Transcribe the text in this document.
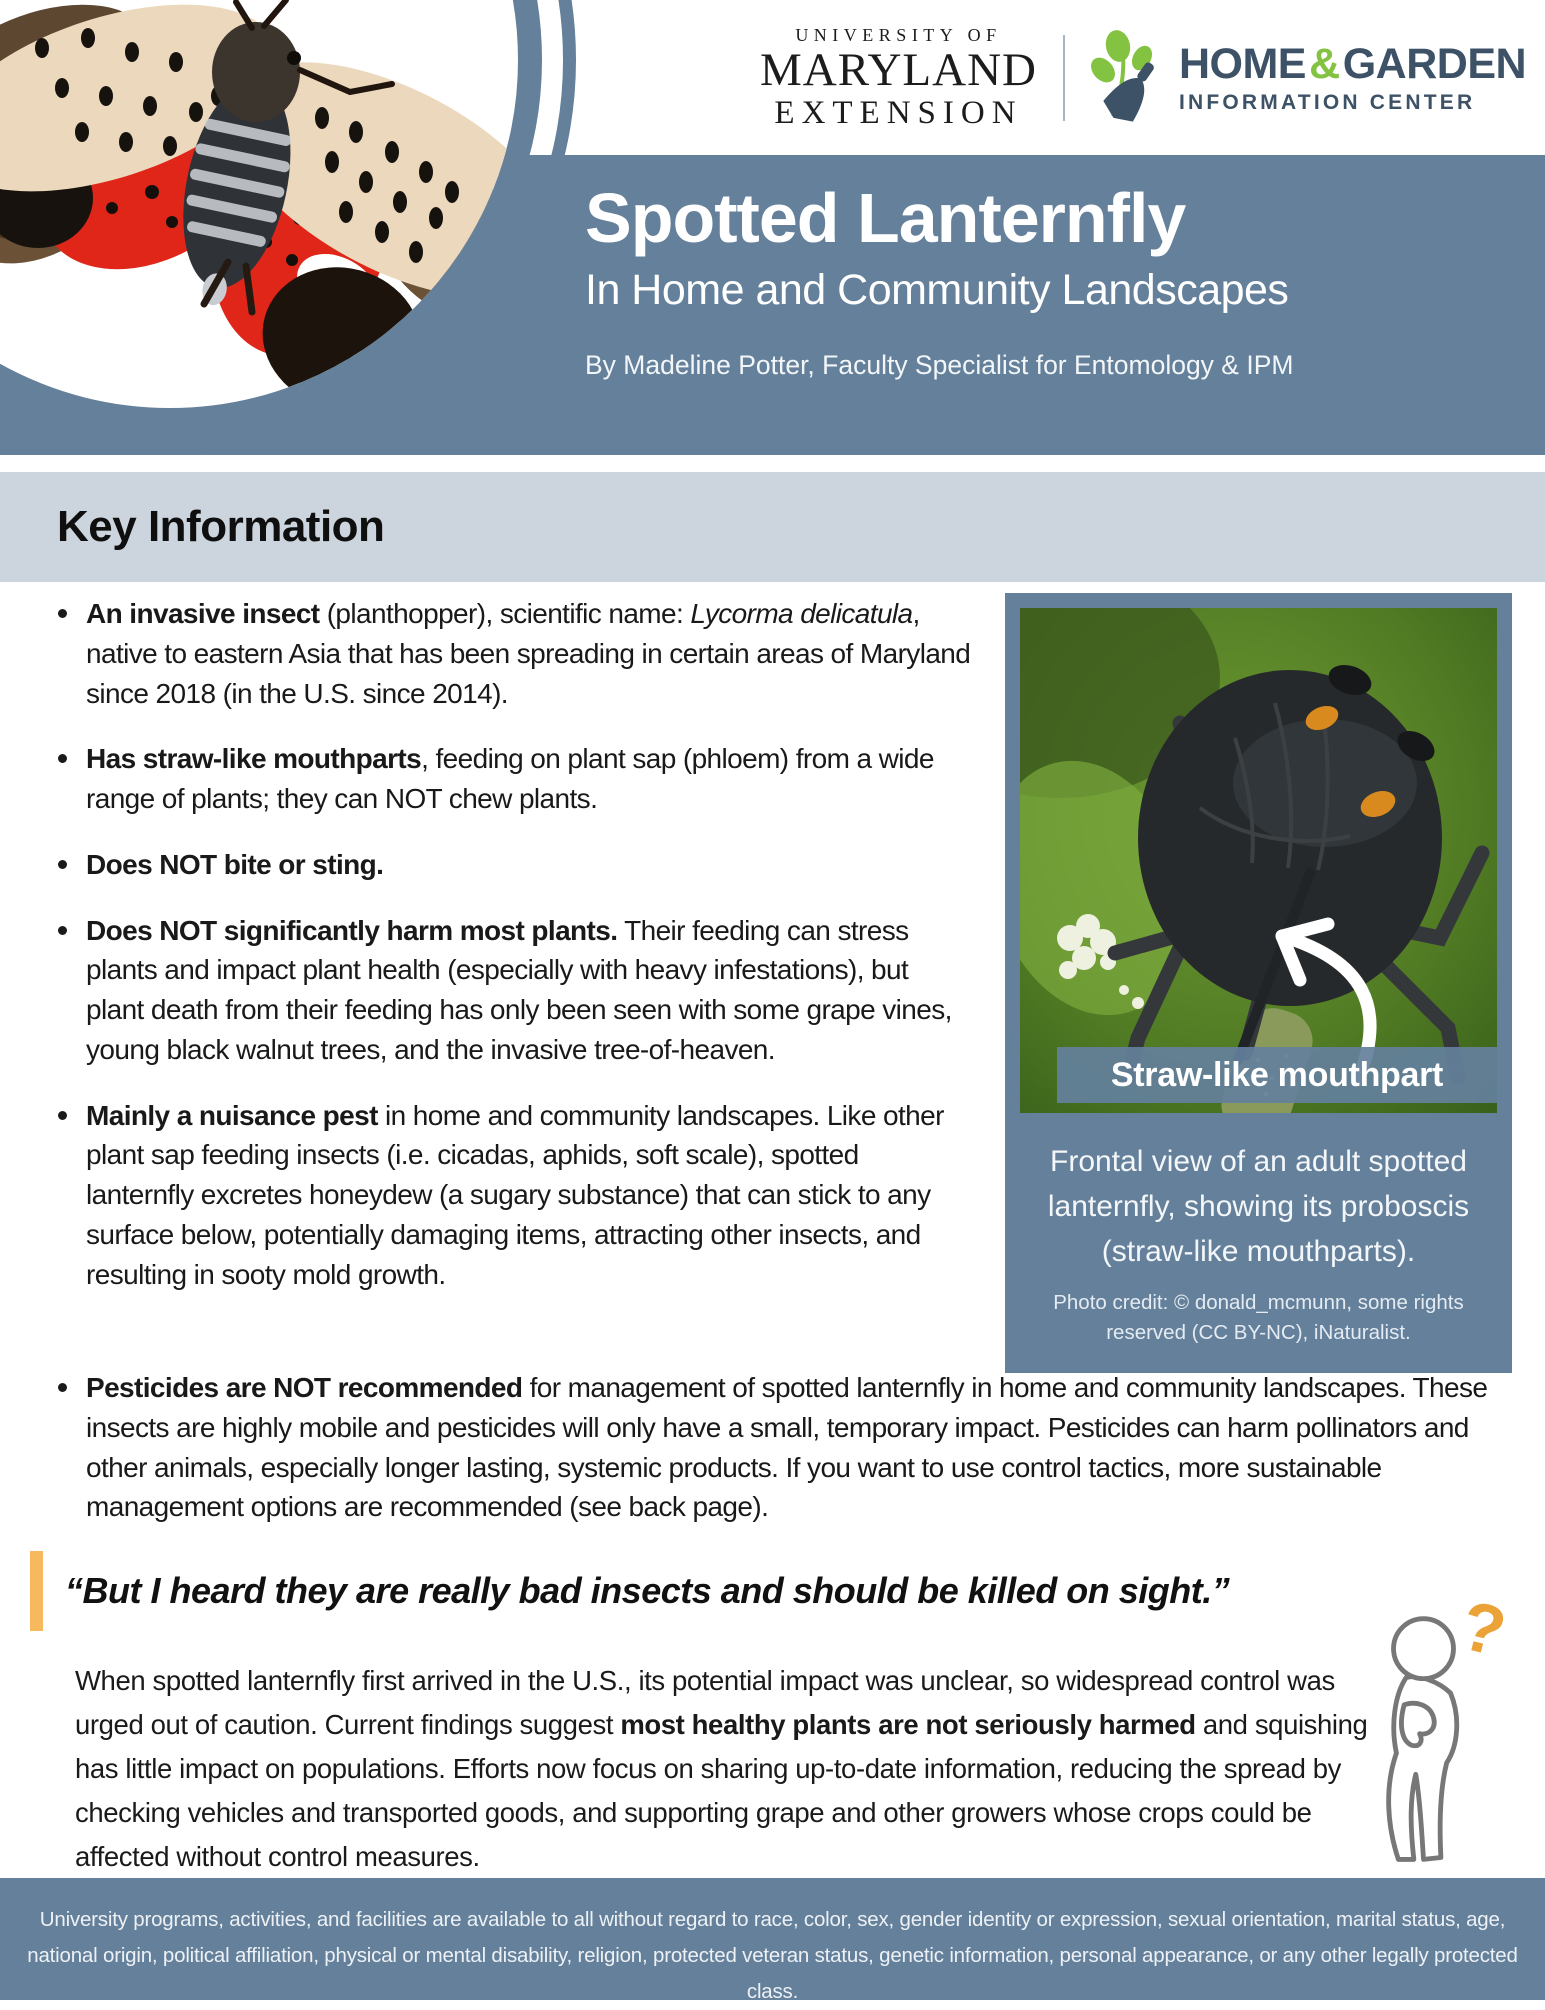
UNIVERSITY OF
MARYLAND
EXTENSION
HOME & GARDEN
INFORMATION CENTER
Spotted Lanternfly
In Home and Community Landscapes
By Madeline Potter, Faculty Specialist for Entomology & IPM
Key Information
An invasive insect (planthopper), scientific name: Lycorma delicatula, native to eastern Asia that has been spreading in certain areas of Maryland since 2018 (in the U.S. since 2014).
Has straw-like mouthparts, feeding on plant sap (phloem) from a wide range of plants; they can NOT chew plants.
Does NOT bite or sting.
Does NOT significantly harm most plants. Their feeding can stress plants and impact plant health (especially with heavy infestations), but plant death from their feeding has only been seen with some grape vines, young black walnut trees, and the invasive tree-of-heaven.
Mainly a nuisance pest in home and community landscapes. Like other plant sap feeding insects (i.e. cicadas, aphids, soft scale), spotted lanternfly excretes honeydew (a sugary substance) that can stick to any surface below, potentially damaging items, attracting other insects, and resulting in sooty mold growth.
Straw-like mouthpart
Frontal view of an adult spotted lanternfly, showing its proboscis (straw-like mouthparts).
Photo credit: © donald_mcmunn, some rights reserved (CC BY-NC), iNaturalist.
Pesticides are NOT recommended for management of spotted lanternfly in home and community landscapes. These insects are highly mobile and pesticides will only have a small, temporary impact. Pesticides can harm pollinators and other animals, especially longer lasting, systemic products. If you want to use control tactics, more sustainable management options are recommended (see back page).
“But I heard they are really bad insects and should be killed on sight.”

When spotted lanternfly first arrived in the U.S., its potential impact was unclear, so widespread control was urged out of caution. Current findings suggest most healthy plants are not seriously harmed and squishing has little impact on populations. Efforts now focus on sharing up-to-date information, reducing the spread by checking vehicles and transported goods, and supporting grape and other growers whose crops could be affected without control measures.

?

University programs, activities, and facilities are available to all without regard to race, color, sex, gender identity or expression, sexual orientation, marital status, age, national origin, political affiliation, physical or mental disability, religion, protected veteran status, genetic information, personal appearance, or any other legally protected class.
